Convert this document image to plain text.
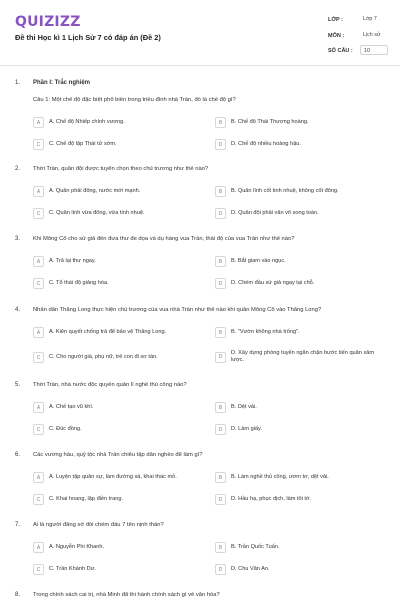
QUIZIZZ
Đề thi Học kì 1 Lịch Sử 7 có đáp án (Đề 2)
LỚP :	Lớp 7
MÔN :	Lịch sử
SỐ CÂU :	10
1. Phần I: Trắc nghiệm
Câu 1: Một chế độ đặc biệt phổ biến trong triều đình nhà Trần, đó là chế độ gì?
A	A. Chế độ Nhiếp chính vương.	B	B. Chế độ Thái Thượng hoàng.
C	C. Chế độ lập Thái tử sớm.	D	D. Chế độ nhiều hoàng hậu.
2. Thời Trần, quân đội được tuyển chọn theo chủ trương như thế nào?
A	A. Quân phải đông, nước mới mạnh.	B	B. Quân lính cốt tinh nhuệ, không cốt đông.
C	C. Quân lính vừa đông, vừa tinh nhuệ.	D	D. Quân đội phải văn võ song toàn.
3. Khi Mông Cổ cho sứ giả đến đưa thư đe dọa và dụ hàng vua Trần, thái độ của vua Trần như thế nào?
A	A. Trả lại thư ngay.	B	B. Bắt giam vào ngục.
C	C. Tổ thái độ giảng hòa.	D	D. Chém đầu sứ giả ngay tại chỗ.
4. Nhân dân Thăng Long thực hiện chủ trương của vua nhà Trần như thế nào khi quân Mông Cổ vào Thăng Long?
A	A. Kiên quyết chống trả để bảo vệ Thăng Long.	B	B. "Vườn không nhà trống".
C	C. Cho người già, phụ nữ, trẻ con đi sơ tán.	D
D. Xây dựng phòng tuyến ngăn chặn bước tiến quân xâm lược.
5. Thời Trần, nhà nước độc quyền quản lí nghề thủ công nào?
A	A. Chế tạo vũ khí.	B	B. Dệt vải.
C	C. Đúc đồng.	D	D. Làm giấy.
6. Các vương hầu, quý tộc nhà Trần chiêu tập dân nghèo để làm gì?
A	A. Luyện tập quân sự, làm đường sá, khai thác mỏ.	B	B. Làm nghề thủ công, ươm tơ, dệt vải.
C	C. Khai hoang, lập điền trang.	D	D. Hầu hạ, phục dịch, làm tôi tớ.
7. Ai là người đăng sớ đòi chém đầu 7 tên nịnh thần?
A	A. Nguyễn Phi Khanh.	B	B. Trần Quốc Tuấn.
C	C. Trần Khánh Dư.	D	D. Chu Văn An.
8. Trong chính sách cai trị, nhà Minh đã thi hành chính sách gì về văn hóa?
